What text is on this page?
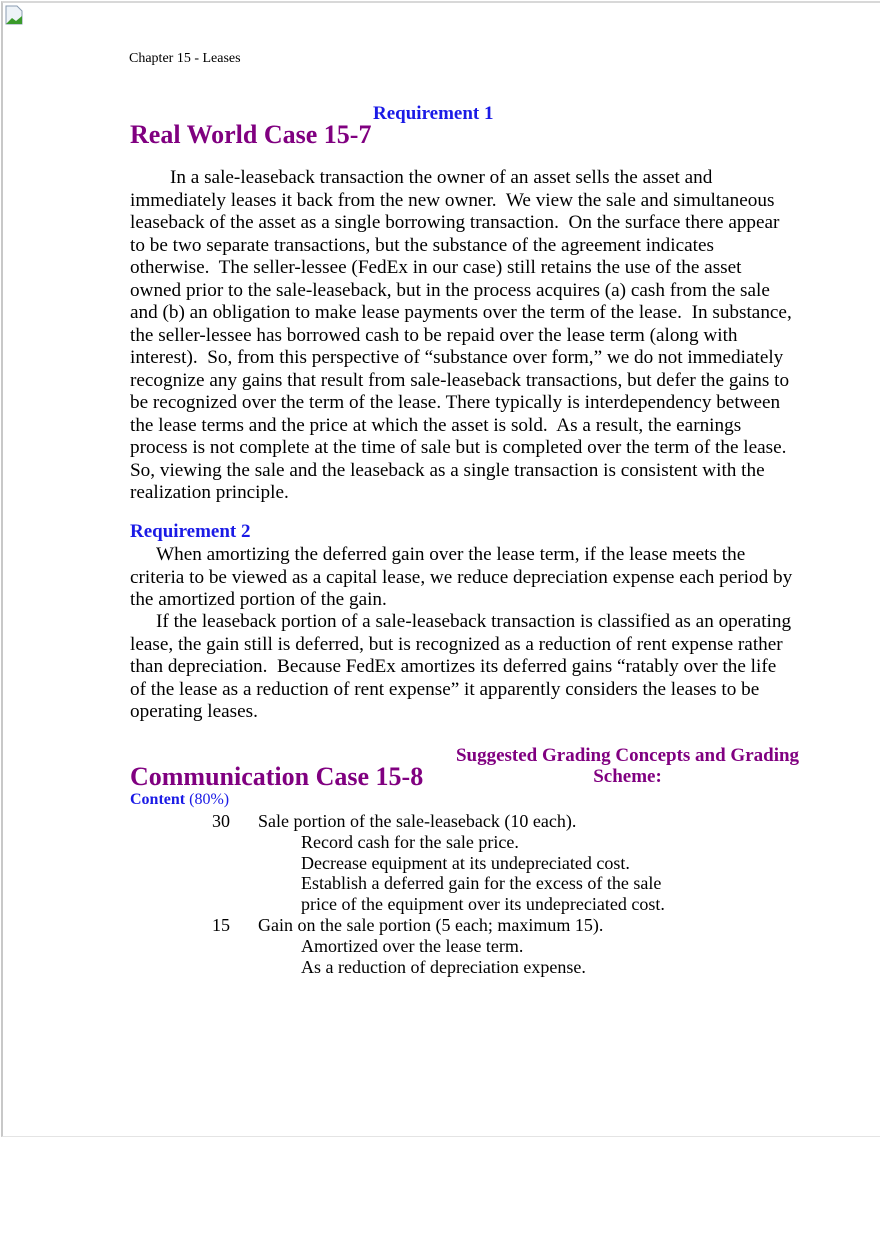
Chapter 15 - Leases
Requirement 1
Real World Case 15-7
In a sale-leaseback transaction the owner of an asset sells the asset and
immediately leases it back from the new owner.  We view the sale and simultaneous
leaseback of the asset as a single borrowing transaction.  On the surface there appear
to be two separate transactions, but the substance of the agreement indicates
otherwise.  The seller-lessee (FedEx in our case) still retains the use of the asset
owned prior to the sale-leaseback, but in the process acquires (a) cash from the sale
and (b) an obligation to make lease payments over the term of the lease.  In substance,
the seller-lessee has borrowed cash to be repaid over the lease term (along with
interest).  So, from this perspective of “substance over form,” we do not immediately
recognize any gains that result from sale-leaseback transactions, but defer the gains to
be recognized over the term of the lease. There typically is interdependency between
the lease terms and the price at which the asset is sold.  As a result, the earnings
process is not complete at the time of sale but is completed over the term of the lease.
So, viewing the sale and the leaseback as a single transaction is consistent with the
realization principle.
Requirement 2
When amortizing the deferred gain over the lease term, if the lease meets the
criteria to be viewed as a capital lease, we reduce depreciation expense each period by
the amortized portion of the gain.
If the leaseback portion of a sale-leaseback transaction is classified as an operating
lease, the gain still is deferred, but is recognized as a reduction of rent expense rather
than depreciation.  Because FedEx amortizes its deferred gains “ratably over the life
of the lease as a reduction of rent expense” it apparently considers the leases to be
operating leases.
Suggested Grading Concepts and Grading
Scheme:
Communication Case 15-8
Content (80%)
30 Sale portion of the sale-leaseback (10 each).
Record cash for the sale price.
Decrease equipment at its undepreciated cost.
Establish a deferred gain for the excess of the sale
price of the equipment over its undepreciated cost.
15 Gain on the sale portion (5 each; maximum 15).
Amortized over the lease term.
As a reduction of depreciation expense.
